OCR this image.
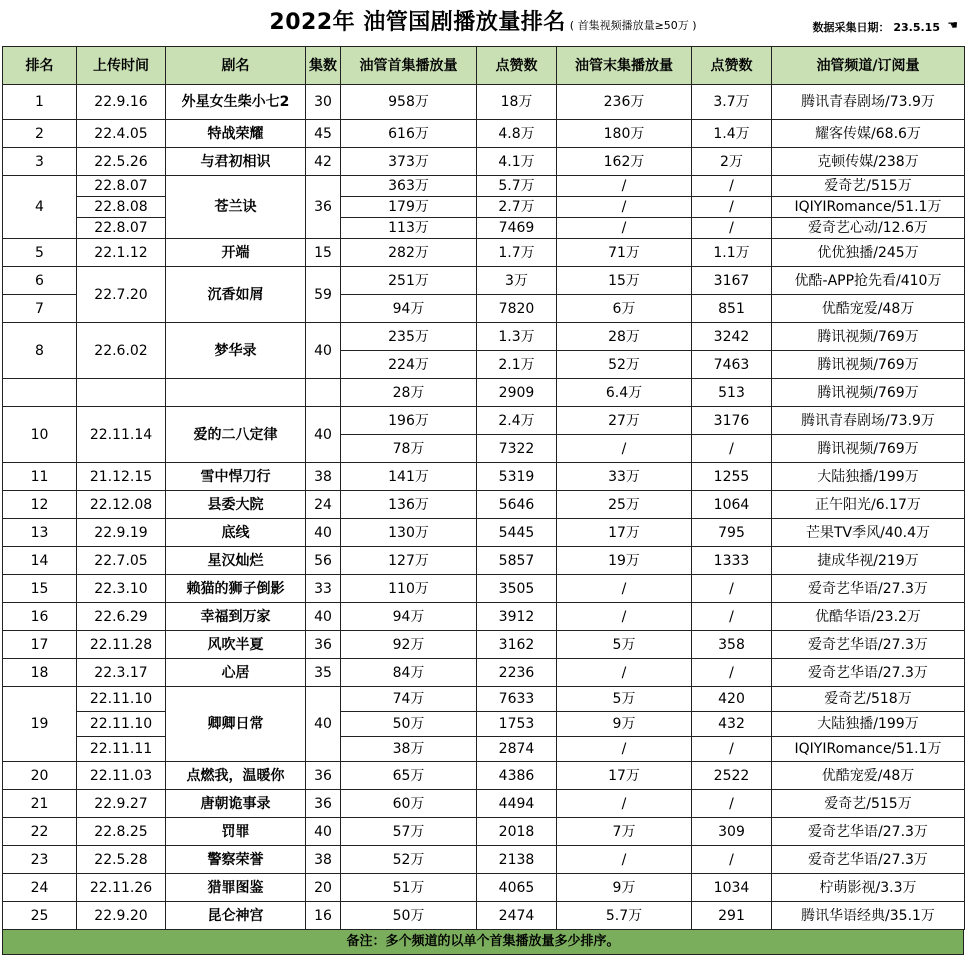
2022年 油管国剧播放量排名 ( 首集视频播放量≥50万 )	数据采集日期： 23.5.15 ☚
排名	上传时间	剧名	集数	油管首集播放量	点赞数	油管末集播放量	点赞数	油管频道/订阅量
1	22.9.16	外星女生柴小七2	30	958万	18万	236万	3.7万	腾讯青春剧场/73.9万
2	22.4.05	特战荣耀	45	616万	4.8万	180万	1.4万	耀客传媒/68.6万
3	22.5.26	与君初相识	42	373万	4.1万	162万	2万	克顿传媒/238万
4	22.8.07	苍兰诀	36	363万	5.7万	/	/	爱奇艺/515万
	22.8.08			179万	2.7万	/	/	IQIYIRomance/51.1万
	22.8.07			113万	7469	/	/	爱奇艺心动/12.6万
5	22.1.12	开端	15	282万	1.7万	71万	1.1万	优优独播/245万
6	22.7.20	沉香如屑	59	251万	3万	15万	3167	优酷-APP抢先看/410万
7				94万	7820	6万	851	优酷宠爱/48万
8	22.6.02	梦华录	40	235万	1.3万	28万	3242	腾讯视频/769万
				224万	2.1万	52万	7463	腾讯视频/769万
				28万	2909	6.4万	513	腾讯视频/769万
10	22.11.14	爱的二八定律	40	196万	2.4万	27万	3176	腾讯青春剧场/73.9万
				78万	7322	/	/	腾讯视频/769万
11	21.12.15	雪中悍刀行	38	141万	5319	33万	1255	大陆独播/199万
12	22.12.08	县委大院	24	136万	5646	25万	1064	正午阳光/6.17万
13	22.9.19	底线	40	130万	5445	17万	795	芒果TV季风/40.4万
14	22.7.05	星汉灿烂	56	127万	5857	19万	1333	捷成华视/219万
15	22.3.10	赖猫的狮子倒影	33	110万	3505	/	/	爱奇艺华语/27.3万
16	22.6.29	幸福到万家	40	94万	3912	/	/	优酷华语/23.2万
17	22.11.28	风吹半夏	36	92万	3162	5万	358	爱奇艺华语/27.3万
18	22.3.17	心居	35	84万	2236	/	/	爱奇艺华语/27.3万
19	22.11.10	卿卿日常	40	74万	7633	5万	420	爱奇艺/518万
	22.11.10			50万	1753	9万	432	大陆独播/199万
	22.11.11			38万	2874	/	/	IQIYIRomance/51.1万
20	22.11.03	点燃我，温暖你	36	65万	4386	17万	2522	优酷宠爱/48万
21	22.9.27	唐朝诡事录	36	60万	4494	/	/	爱奇艺/515万
22	22.8.25	罚罪	40	57万	2018	7万	309	爱奇艺华语/27.3万
23	22.5.28	警察荣誉	38	52万	2138	/	/	爱奇艺华语/27.3万
24	22.11.26	猎罪图鉴	20	51万	4065	9万	1034	柠萌影视/3.3万
25	22.9.20	昆仑神宫	16	50万	2474	5.7万	291	腾讯华语经典/35.1万
备注：多个频道的以单个首集播放量多少排序。
